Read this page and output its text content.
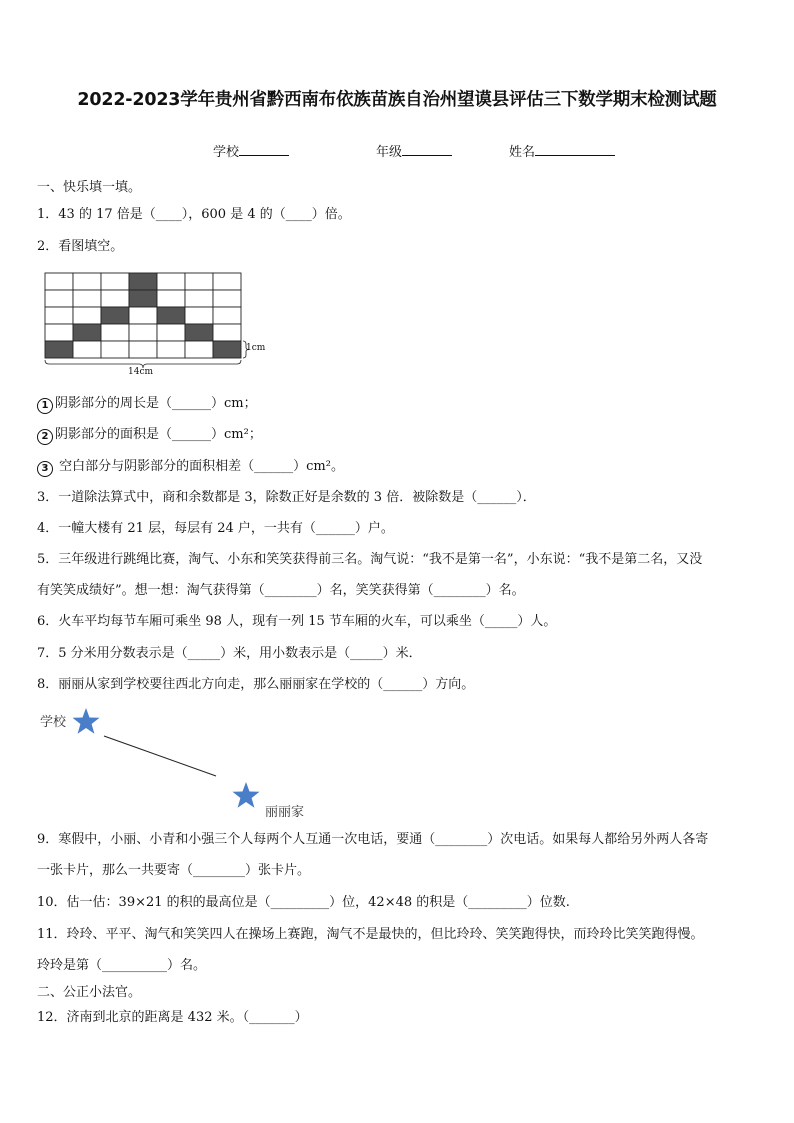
2022-2023学年贵州省黔西南布依族苗族自治州望谟县评估三下数学期末检测试题
学校	年级	姓名
一、快乐填一填。
1．43 的 17 倍是（____），600 是 4 的（____）倍。
2．看图填空。
1cm
14cm
1 阴影部分的周长是（______）cm；
2 阴影部分的面积是（______）cm²；
3 空白部分与阴影部分的面积相差（______）cm²。
3．一道除法算式中，商和余数都是 3，除数正好是余数的 3 倍．被除数是（______）．
4．一幢大楼有 21 层，每层有 24 户，一共有（______）户。
5．三年级进行跳绳比赛，淘气、小东和笑笑获得前三名。淘气说：“我不是第一名”，小东说：“我不是第二名，又没
有笑笑成绩好”。想一想：淘气获得第（________）名，笑笑获得第（________）名。
6．火车平均每节车厢可乘坐 98 人，现有一列 15 节车厢的火车，可以乘坐（_____）人。
7．5 分米用分数表示是（_____）米，用小数表示是（_____）米．
8．丽丽从家到学校要往西北方向走，那么丽丽家在学校的（______）方向。
学校
丽丽家
9．寒假中，小丽、小青和小强三个人每两个人互通一次电话，要通（________）次电话。如果每人都给另外两人各寄
一张卡片，那么一共要寄（________）张卡片。
10．估一估：39×21 的积的最高位是（_________）位，42×48 的积是（_________）位数.
11．玲玲、平平、淘气和笑笑四人在操场上赛跑，淘气不是最快的，但比玲玲、笑笑跑得快，而玲玲比笑笑跑得慢。
玲玲是第（__________）名。
二、公正小法官。
12．济南到北京的距离是 432 米。（_______）
